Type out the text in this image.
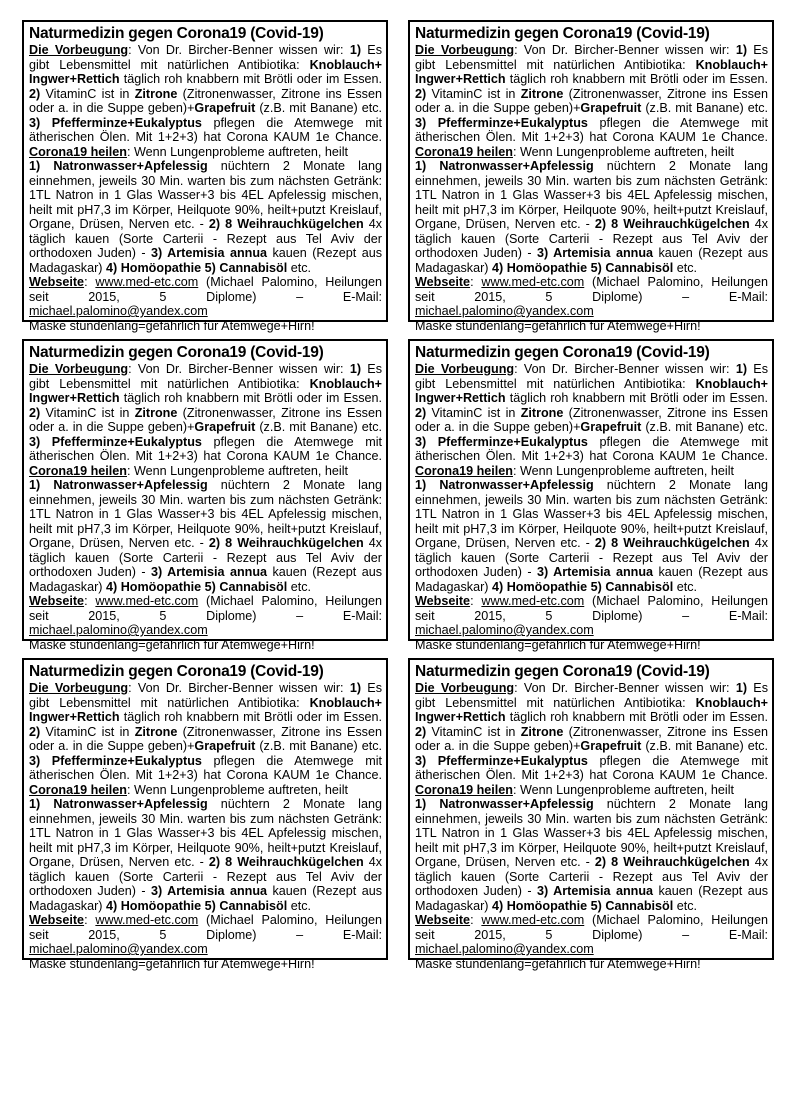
Naturmedizin gegen Corona19 (Covid-19)
Die Vorbeugung: Von Dr. Bircher-Benner wissen wir: 1) Es
gibt Lebensmittel mit natürlichen Antibiotika: Knoblauch+
Ingwer+Rettich täglich roh knabbern mit Brötli oder im Essen.
2) VitaminC ist in Zitrone (Zitronenwasser, Zitrone ins Essen
oder a. in die Suppe geben)+Grapefruit (z.B. mit Banane) etc.
3) Pfefferminze+Eukalyptus pflegen die Atemwege mit
ätherischen Ölen. Mit 1+2+3) hat Corona KAUM 1e Chance.
Corona19 heilen: Wenn Lungenprobleme auftreten, heilt
1) Natronwasser+Apfelessig nüchtern 2 Monate lang
einnehmen, jeweils 30 Min. warten bis zum nächsten Getränk:
1TL Natron in 1 Glas Wasser+3 bis 4EL Apfelessig mischen,
heilt mit pH7,3 im Körper, Heilquote 90%, heilt+putzt Kreislauf,
Organe, Drüsen, Nerven etc. - 2) 8 Weihrauchkügelchen 4x
täglich kauen (Sorte Carterii - Rezept aus Tel Aviv der
orthodoxen Juden) - 3) Artemisia annua kauen (Rezept aus
Madagaskar) 4) Homöopathie 5) Cannabisöl etc.
Webseite: www.med-etc.com (Michael Palomino, Heilungen
seit 2015, 5 Diplome) – E-Mail: michael.palomino@yandex.com
Maske stundenlang=gefährlich für Atemwege+Hirn!
Naturmedizin gegen Corona19 (Covid-19)
Die Vorbeugung: Von Dr. Bircher-Benner wissen wir: 1) Es
gibt Lebensmittel mit natürlichen Antibiotika: Knoblauch+
Ingwer+Rettich täglich roh knabbern mit Brötli oder im Essen.
2) VitaminC ist in Zitrone (Zitronenwasser, Zitrone ins Essen
oder a. in die Suppe geben)+Grapefruit (z.B. mit Banane) etc.
3) Pfefferminze+Eukalyptus pflegen die Atemwege mit
ätherischen Ölen. Mit 1+2+3) hat Corona KAUM 1e Chance.
Corona19 heilen: Wenn Lungenprobleme auftreten, heilt
1) Natronwasser+Apfelessig nüchtern 2 Monate lang
einnehmen, jeweils 30 Min. warten bis zum nächsten Getränk:
1TL Natron in 1 Glas Wasser+3 bis 4EL Apfelessig mischen,
heilt mit pH7,3 im Körper, Heilquote 90%, heilt+putzt Kreislauf,
Organe, Drüsen, Nerven etc. - 2) 8 Weihrauchkügelchen 4x
täglich kauen (Sorte Carterii - Rezept aus Tel Aviv der
orthodoxen Juden) - 3) Artemisia annua kauen (Rezept aus
Madagaskar) 4) Homöopathie 5) Cannabisöl etc.
Webseite: www.med-etc.com (Michael Palomino, Heilungen
seit 2015, 5 Diplome) – E-Mail: michael.palomino@yandex.com
Maske stundenlang=gefährlich für Atemwege+Hirn!
Naturmedizin gegen Corona19 (Covid-19)
Die Vorbeugung: Von Dr. Bircher-Benner wissen wir: 1) Es
gibt Lebensmittel mit natürlichen Antibiotika: Knoblauch+
Ingwer+Rettich täglich roh knabbern mit Brötli oder im Essen.
2) VitaminC ist in Zitrone (Zitronenwasser, Zitrone ins Essen
oder a. in die Suppe geben)+Grapefruit (z.B. mit Banane) etc.
3) Pfefferminze+Eukalyptus pflegen die Atemwege mit
ätherischen Ölen. Mit 1+2+3) hat Corona KAUM 1e Chance.
Corona19 heilen: Wenn Lungenprobleme auftreten, heilt
1) Natronwasser+Apfelessig nüchtern 2 Monate lang
einnehmen, jeweils 30 Min. warten bis zum nächsten Getränk:
1TL Natron in 1 Glas Wasser+3 bis 4EL Apfelessig mischen,
heilt mit pH7,3 im Körper, Heilquote 90%, heilt+putzt Kreislauf,
Organe, Drüsen, Nerven etc. - 2) 8 Weihrauchkügelchen 4x
täglich kauen (Sorte Carterii - Rezept aus Tel Aviv der
orthodoxen Juden) - 3) Artemisia annua kauen (Rezept aus
Madagaskar) 4) Homöopathie 5) Cannabisöl etc.
Webseite: www.med-etc.com (Michael Palomino, Heilungen
seit 2015, 5 Diplome) – E-Mail: michael.palomino@yandex.com
Maske stundenlang=gefährlich für Atemwege+Hirn!
Naturmedizin gegen Corona19 (Covid-19)
Die Vorbeugung: Von Dr. Bircher-Benner wissen wir: 1) Es
gibt Lebensmittel mit natürlichen Antibiotika: Knoblauch+
Ingwer+Rettich täglich roh knabbern mit Brötli oder im Essen.
2) VitaminC ist in Zitrone (Zitronenwasser, Zitrone ins Essen
oder a. in die Suppe geben)+Grapefruit (z.B. mit Banane) etc.
3) Pfefferminze+Eukalyptus pflegen die Atemwege mit
ätherischen Ölen. Mit 1+2+3) hat Corona KAUM 1e Chance.
Corona19 heilen: Wenn Lungenprobleme auftreten, heilt
1) Natronwasser+Apfelessig nüchtern 2 Monate lang
einnehmen, jeweils 30 Min. warten bis zum nächsten Getränk:
1TL Natron in 1 Glas Wasser+3 bis 4EL Apfelessig mischen,
heilt mit pH7,3 im Körper, Heilquote 90%, heilt+putzt Kreislauf,
Organe, Drüsen, Nerven etc. - 2) 8 Weihrauchkügelchen 4x
täglich kauen (Sorte Carterii - Rezept aus Tel Aviv der
orthodoxen Juden) - 3) Artemisia annua kauen (Rezept aus
Madagaskar) 4) Homöopathie 5) Cannabisöl etc.
Webseite: www.med-etc.com (Michael Palomino, Heilungen
seit 2015, 5 Diplome) – E-Mail: michael.palomino@yandex.com
Maske stundenlang=gefährlich für Atemwege+Hirn!
Naturmedizin gegen Corona19 (Covid-19)
Die Vorbeugung: Von Dr. Bircher-Benner wissen wir: 1) Es
gibt Lebensmittel mit natürlichen Antibiotika: Knoblauch+
Ingwer+Rettich täglich roh knabbern mit Brötli oder im Essen.
2) VitaminC ist in Zitrone (Zitronenwasser, Zitrone ins Essen
oder a. in die Suppe geben)+Grapefruit (z.B. mit Banane) etc.
3) Pfefferminze+Eukalyptus pflegen die Atemwege mit
ätherischen Ölen. Mit 1+2+3) hat Corona KAUM 1e Chance.
Corona19 heilen: Wenn Lungenprobleme auftreten, heilt
1) Natronwasser+Apfelessig nüchtern 2 Monate lang
einnehmen, jeweils 30 Min. warten bis zum nächsten Getränk:
1TL Natron in 1 Glas Wasser+3 bis 4EL Apfelessig mischen,
heilt mit pH7,3 im Körper, Heilquote 90%, heilt+putzt Kreislauf,
Organe, Drüsen, Nerven etc. - 2) 8 Weihrauchkügelchen 4x
täglich kauen (Sorte Carterii - Rezept aus Tel Aviv der
orthodoxen Juden) - 3) Artemisia annua kauen (Rezept aus
Madagaskar) 4) Homöopathie 5) Cannabisöl etc.
Webseite: www.med-etc.com (Michael Palomino, Heilungen
seit 2015, 5 Diplome) – E-Mail: michael.palomino@yandex.com
Maske stundenlang=gefährlich für Atemwege+Hirn!
Naturmedizin gegen Corona19 (Covid-19)
Die Vorbeugung: Von Dr. Bircher-Benner wissen wir: 1) Es
gibt Lebensmittel mit natürlichen Antibiotika: Knoblauch+
Ingwer+Rettich täglich roh knabbern mit Brötli oder im Essen.
2) VitaminC ist in Zitrone (Zitronenwasser, Zitrone ins Essen
oder a. in die Suppe geben)+Grapefruit (z.B. mit Banane) etc.
3) Pfefferminze+Eukalyptus pflegen die Atemwege mit
ätherischen Ölen. Mit 1+2+3) hat Corona KAUM 1e Chance.
Corona19 heilen: Wenn Lungenprobleme auftreten, heilt
1) Natronwasser+Apfelessig nüchtern 2 Monate lang
einnehmen, jeweils 30 Min. warten bis zum nächsten Getränk:
1TL Natron in 1 Glas Wasser+3 bis 4EL Apfelessig mischen,
heilt mit pH7,3 im Körper, Heilquote 90%, heilt+putzt Kreislauf,
Organe, Drüsen, Nerven etc. - 2) 8 Weihrauchkügelchen 4x
täglich kauen (Sorte Carterii - Rezept aus Tel Aviv der
orthodoxen Juden) - 3) Artemisia annua kauen (Rezept aus
Madagaskar) 4) Homöopathie 5) Cannabisöl etc.
Webseite: www.med-etc.com (Michael Palomino, Heilungen
seit 2015, 5 Diplome) – E-Mail: michael.palomino@yandex.com
Maske stundenlang=gefährlich für Atemwege+Hirn!
